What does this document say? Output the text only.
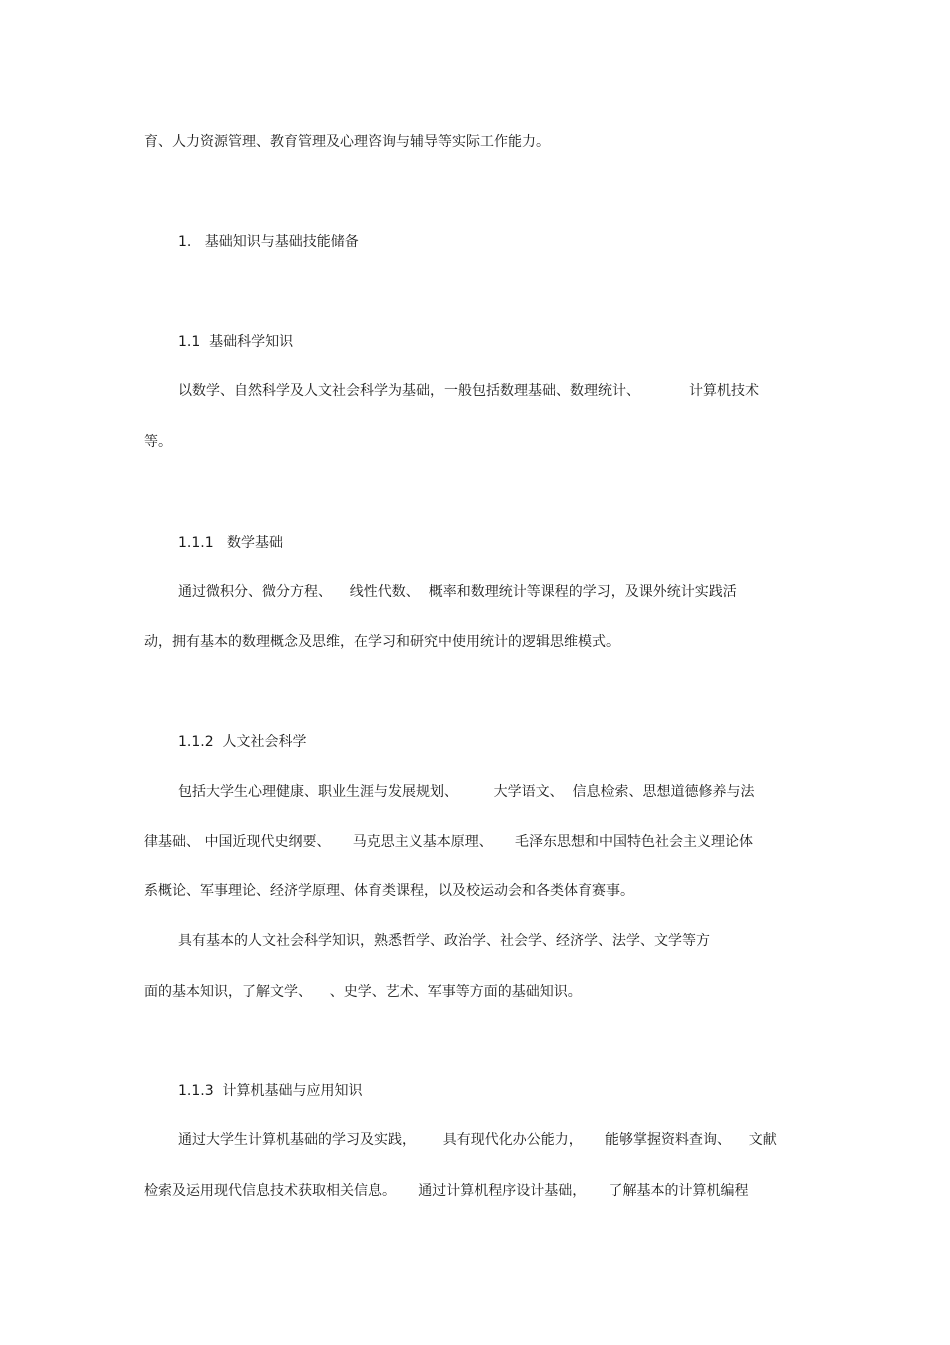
育、人力资源管理、教育管理及心理咨询与辅导等实际工作能力。

1.   基础知识与基础技能储备

1.1  基础科学知识

以数学、自然科学及人文社会科学为基础，一般包括数理基础、数理统计、           计算机技术

等。

1.1.1   数学基础

通过微积分、微分方程、    线性代数、  概率和数理统计等课程的学习，及课外统计实践活

动，拥有基本的数理概念及思维，在学习和研究中使用统计的逻辑思维模式。

1.1.2  人文社会科学

包括大学生心理健康、职业生涯与发展规划、        大学语文、  信息检索、思想道德修养与法

律基础、 中国近现代史纲要、     马克思主义基本原理、     毛泽东思想和中国特色社会主义理论体

系概论、军事理论、经济学原理、体育类课程，以及校运动会和各类体育赛事。

具有基本的人文社会科学知识，熟悉哲学、政治学、社会学、经济学、法学、文学等方

面的基本知识，了解文学、    、史学、艺术、军事等方面的基础知识。

1.1.3  计算机基础与应用知识

通过大学生计算机基础的学习及实践，      具有现代化办公能力，     能够掌握资料查询、    文献

检索及运用现代信息技术获取相关信息。     通过计算机程序设计基础，     了解基本的计算机编程
